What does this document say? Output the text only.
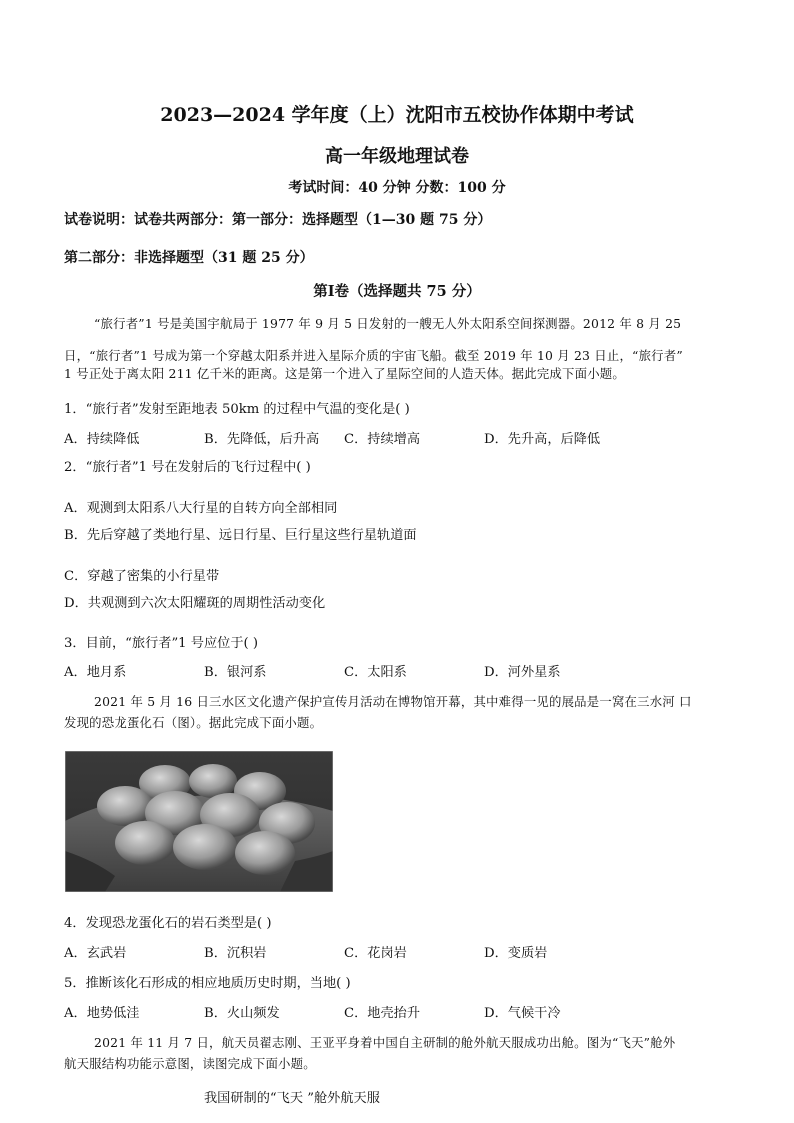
2023—2024 学年度（上）沈阳市五校协作体期中考试
高一年级地理试卷
考试时间：40 分钟 分数：100 分
试卷说明：试卷共两部分：第一部分：选择题型（1—30 题 75 分）
第二部分：非选择题型（31 题 25 分）
第Ⅰ卷（选择题共 75 分）
“旅行者”1 号是美国宇航局于 1977 年 9 月 5 日发射的一艘无人外太阳系空间探测器。2012 年 8 月 25
日，“旅行者”1 号成为第一个穿越太阳系并进入星际介质的宇宙飞船。截至 2019 年 10 月 23 日止，“旅行者”
1 号正处于离太阳 211 亿千米的距离。这是第一个进入了星际空间的人造天体。据此完成下面小题。
1．“旅行者”发射至距地表 50km 的过程中气温的变化是( )
A．持续降低	B．先降低，后升高 C．持续增高	D．先升高，后降低
2．“旅行者”1 号在发射后的飞行过程中( )
A．观测到太阳系八大行星的自转方向全部相同
B．先后穿越了类地行星、远日行星、巨行星这些行星轨道面
C．穿越了密集的小行星带
D．共观测到六次太阳耀斑的周期性活动变化
3．目前，“旅行者”1 号应位于( )
A．地月系	B．银河系	C．太阳系	D．河外星系
2021 年 5 月 16 日三水区文化遗产保护宣传月活动在博物馆开幕，其中难得一见的展品是一窝在三水河 口
发现的恐龙蛋化石（图）。据此完成下面小题。
4．发现恐龙蛋化石的岩石类型是( )
A．玄武岩	B．沉积岩	C．花岗岩	D．变质岩
5．推断该化石形成的相应地质历史时期，当地( )
A．地势低洼	B．火山频发	C．地壳抬升	D．气候干冷
2021 年 11 月 7 日，航天员翟志刚、王亚平身着中国自主研制的舱外航天服成功出舱。图为“飞天”舱外
航天服结构功能示意图，读图完成下面小题。
我国研制的“飞天 ”舱外航天服
